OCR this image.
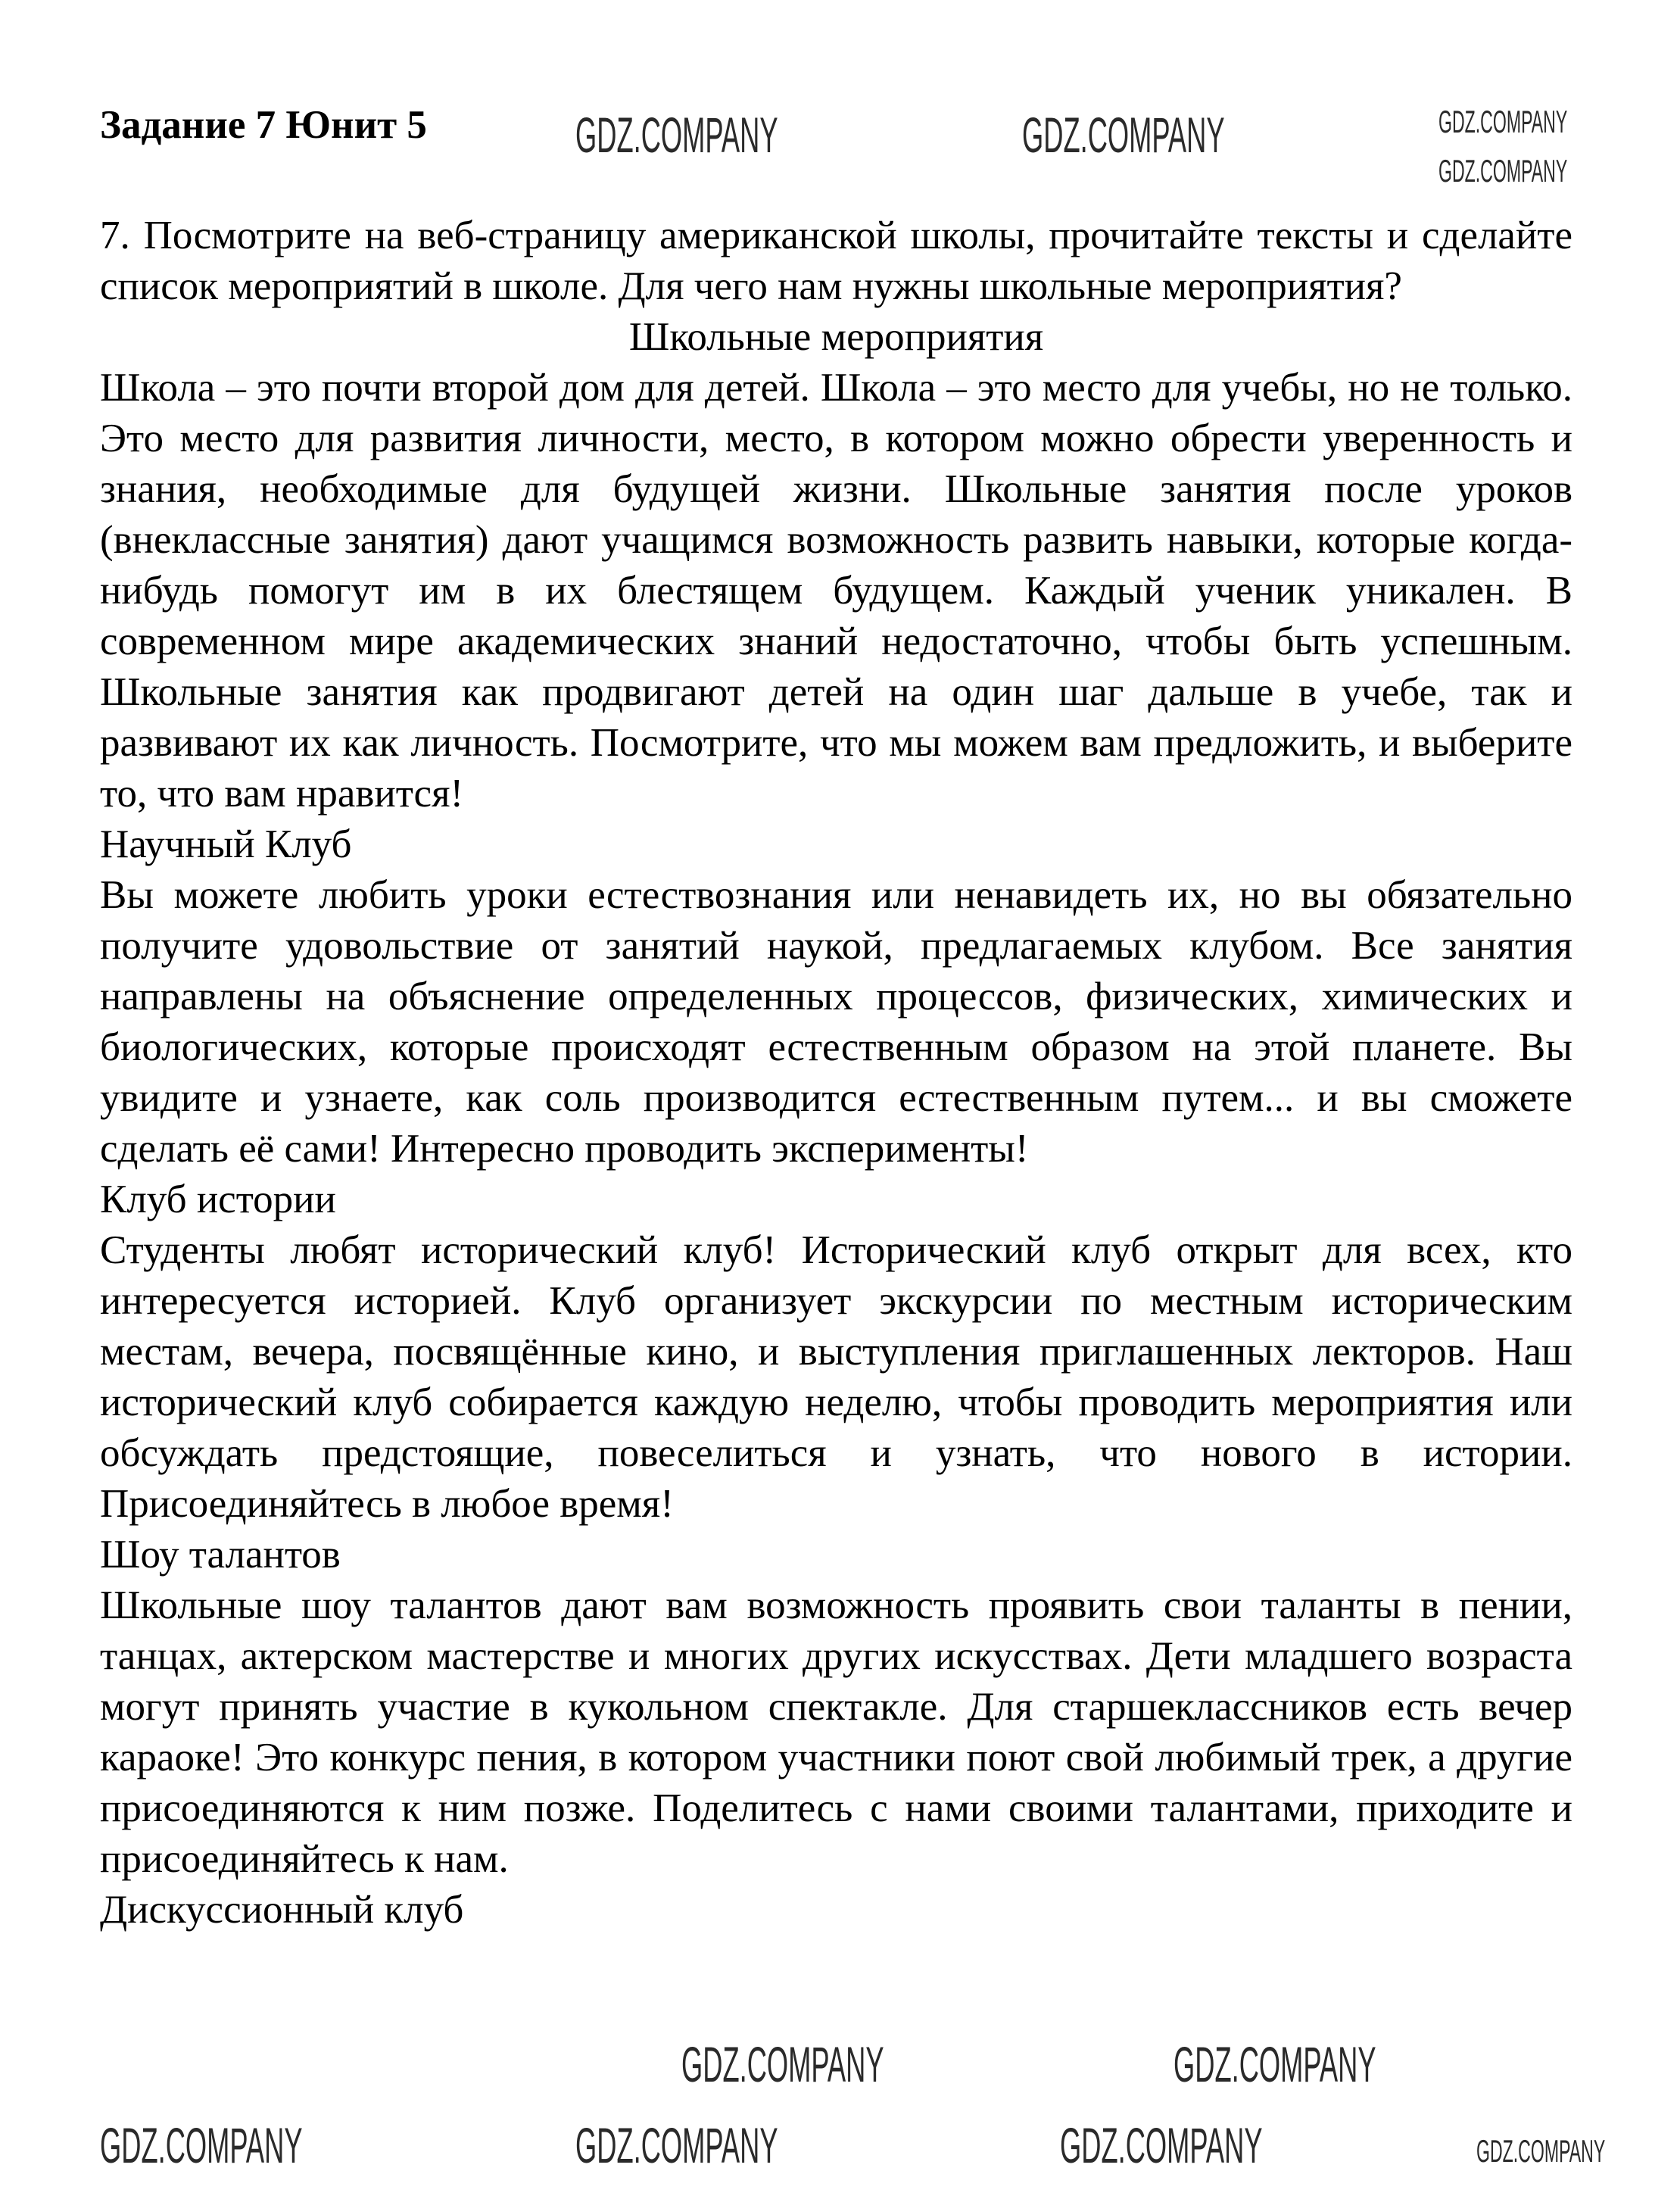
Задание 7 Юнит 5

7. Посмотрите на веб-страницу американской школы, прочитайте тексты и сделайте список мероприятий в школе. Для чего нам нужны школьные мероприятия?

Школьные мероприятия

Школа – это почти второй дом для детей. Школа – это место для учебы, но не только. Это место для развития личности, место, в котором можно обрести уверенность и знания, необходимые для будущей жизни. Школьные занятия после уроков (внеклассные занятия) дают учащимся возможность развить навыки, которые когда-нибудь помогут им в их блестящем будущем. Каждый ученик уникален. В современном мире академических знаний недостаточно, чтобы быть успешным. Школьные занятия как продвигают детей на один шаг дальше в учебе, так и развивают их как личность. Посмотрите, что мы можем вам предложить, и выберите то, что вам нравится!

Научный Клуб

Вы можете любить уроки естествознания или ненавидеть их, но вы обязательно получите удовольствие от занятий наукой, предлагаемых клубом. Все занятия направлены на объяснение определенных процессов, физических, химических и биологических, которые происходят естественным образом на этой планете. Вы увидите и узнаете, как соль производится естественным путем... и вы сможете сделать её сами! Интересно проводить эксперименты!

Клуб истории

Студенты любят исторический клуб! Исторический клуб открыт для всех, кто интересуется историей. Клуб организует экскурсии по местным историческим местам, вечера, посвящённые кино, и выступления приглашенных лекторов. Наш исторический клуб собирается каждую неделю, чтобы проводить мероприятия или обсуждать предстоящие, повеселиться и узнать, что нового в истории. Присоединяйтесь в любое время!

Шоу талантов

Школьные шоу талантов дают вам возможность проявить свои таланты в пении, танцах, актерском мастерстве и многих других искусствах. Дети младшего возраста могут принять участие в кукольном спектакле. Для старшеклассников есть вечер караоке! Это конкурс пения, в котором участники поют свой любимый трек, а другие присоединяются к ним позже. Поделитесь с нами своими талантами, приходите и присоединяйтесь к нам.

Дискуссионный клуб
GDZ.COMPANY	GDZ.COMPANY	GDZ.COMPANY
GDZ.COMPANY
GDZ.COMPANY	GDZ.COMPANY
GDZ.COMPANY	GDZ.COMPANY	GDZ.COMPANY	GDZ.COMPANY
